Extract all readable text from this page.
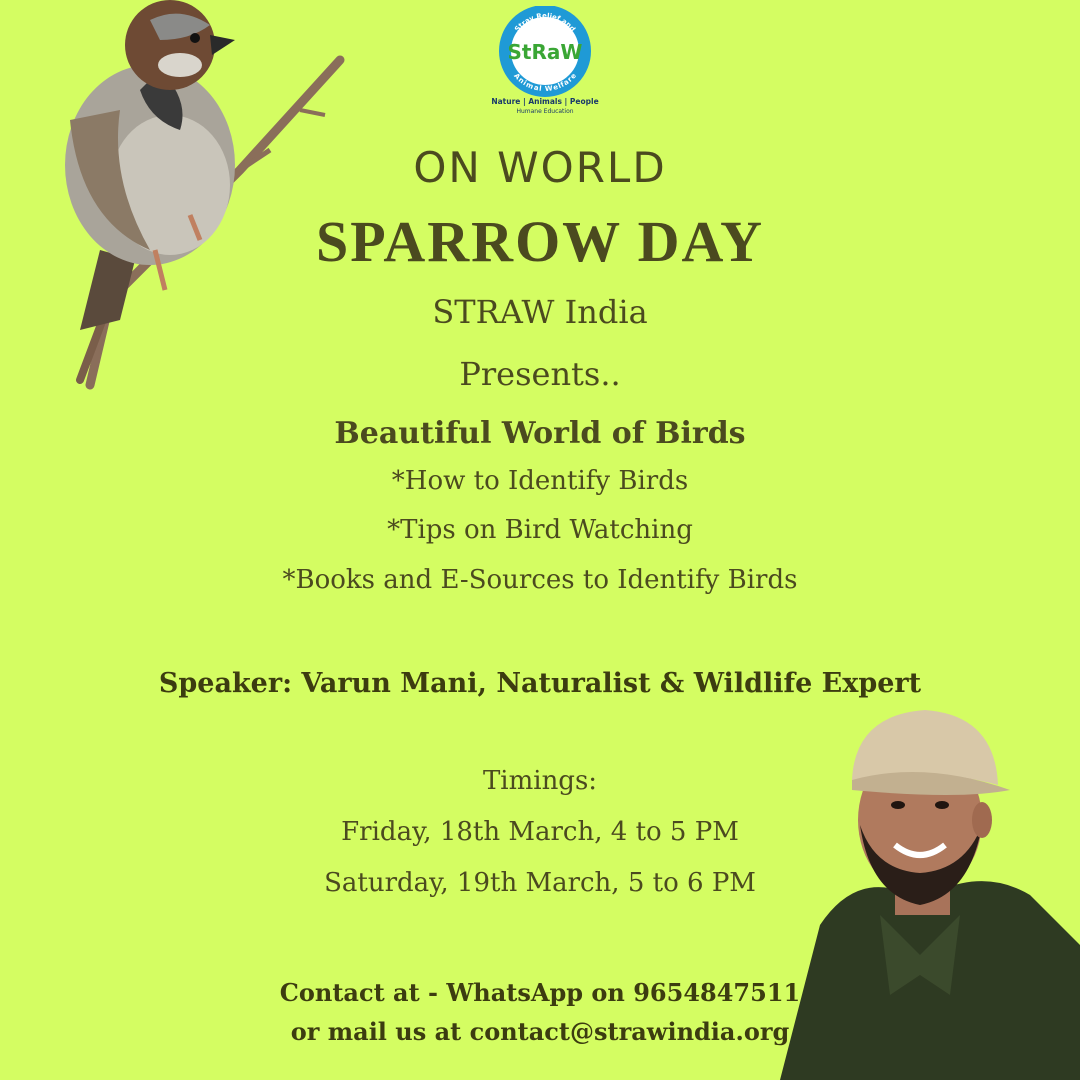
Stray Relief and
Animal Welfare
StRaW
Nature | Animals | People
Humane Education
ON WORLD
SPARROW DAY
STRAW India
Presents..
Beautiful World of Birds
*How to Identify Birds
*Tips on Bird Watching
*Books and E-Sources to Identify Birds
Speaker: Varun Mani, Naturalist & Wildlife Expert
Timings:
Friday, 18th March, 4 to 5 PM
Saturday, 19th March, 5 to 6 PM
Contact at - WhatsApp on 9654847511
or mail us at contact@strawindia.org
